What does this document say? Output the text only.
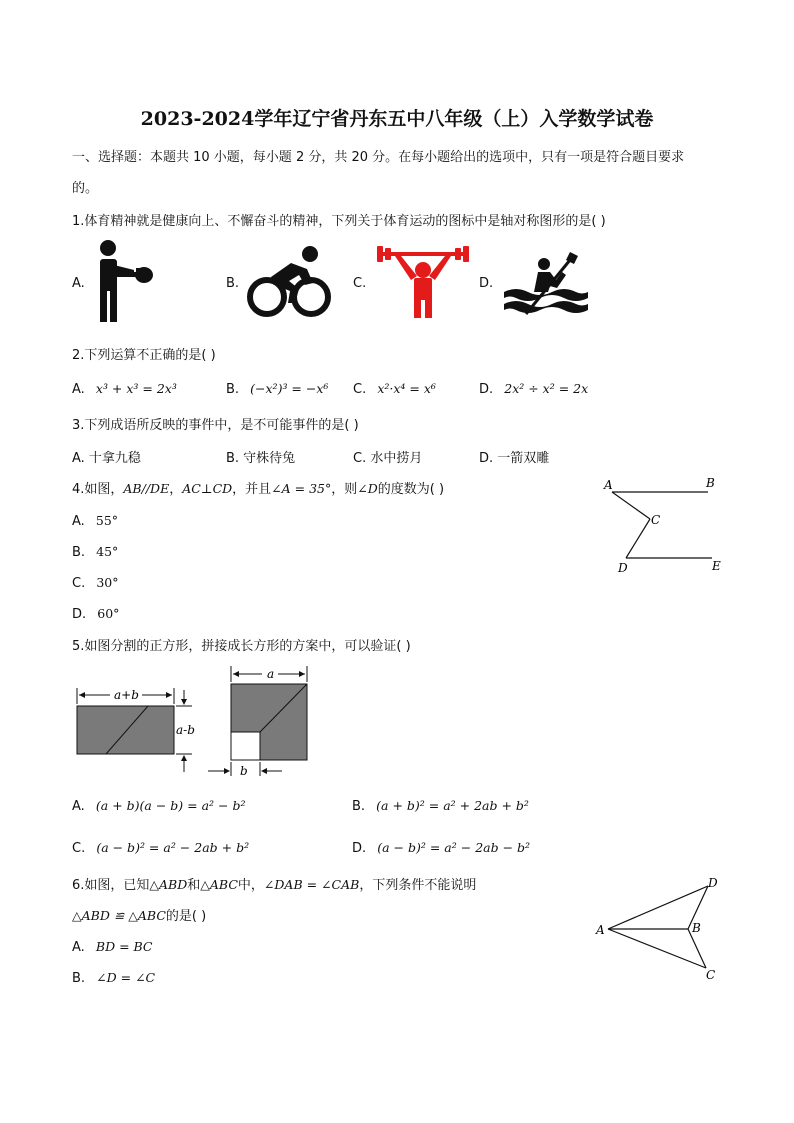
2023-2024学年辽宁省丹东五中八年级（上）入学数学试卷
一、选择题：本题共 10 小题，每小题 2 分，共 20 分。在每小题给出的选项中，只有一项是符合题目要求
的。
1.体育精神就是健康向上、不懈奋斗的精神，下列关于体育运动的图标中是轴对称图形的是( )
A.	B.	C.	D.
2.下列运算不正确的是( )
A. x³ + x³ = 2x³	B. (−x²)³ = −x⁶ C. x²·x⁴ = x⁶	D. 2x² ÷ x² = 2x
3.下列成语所反映的事件中，是不可能事件的是( )
A. 十拿九稳	B. 守株待兔	C. 水中捞月	D. 一箭双雕
4.如图，AB//DE，AC⊥CD，并且∠A = 35°，则∠D的度数为( )
A. 55°
B. 45°
C. 30°
D. 60°
A	B
C
D	E
5.如图分割的正方形，拼接成长方形的方案中，可以验证( )
a+b
a-b
a
b
A. (a + b)(a − b) = a² − b²	B. (a + b)² = a² + 2ab + b²
C. (a − b)² = a² − 2ab + b²	D. (a − b)² = a² − 2ab − b²
6.如图，已知△ABD和△ABC中，∠DAB = ∠CAB，下列条件不能说明
△ABD ≌ △ABC的是( )
A. BD = BC
B. ∠D = ∠C
A	B
C
D
